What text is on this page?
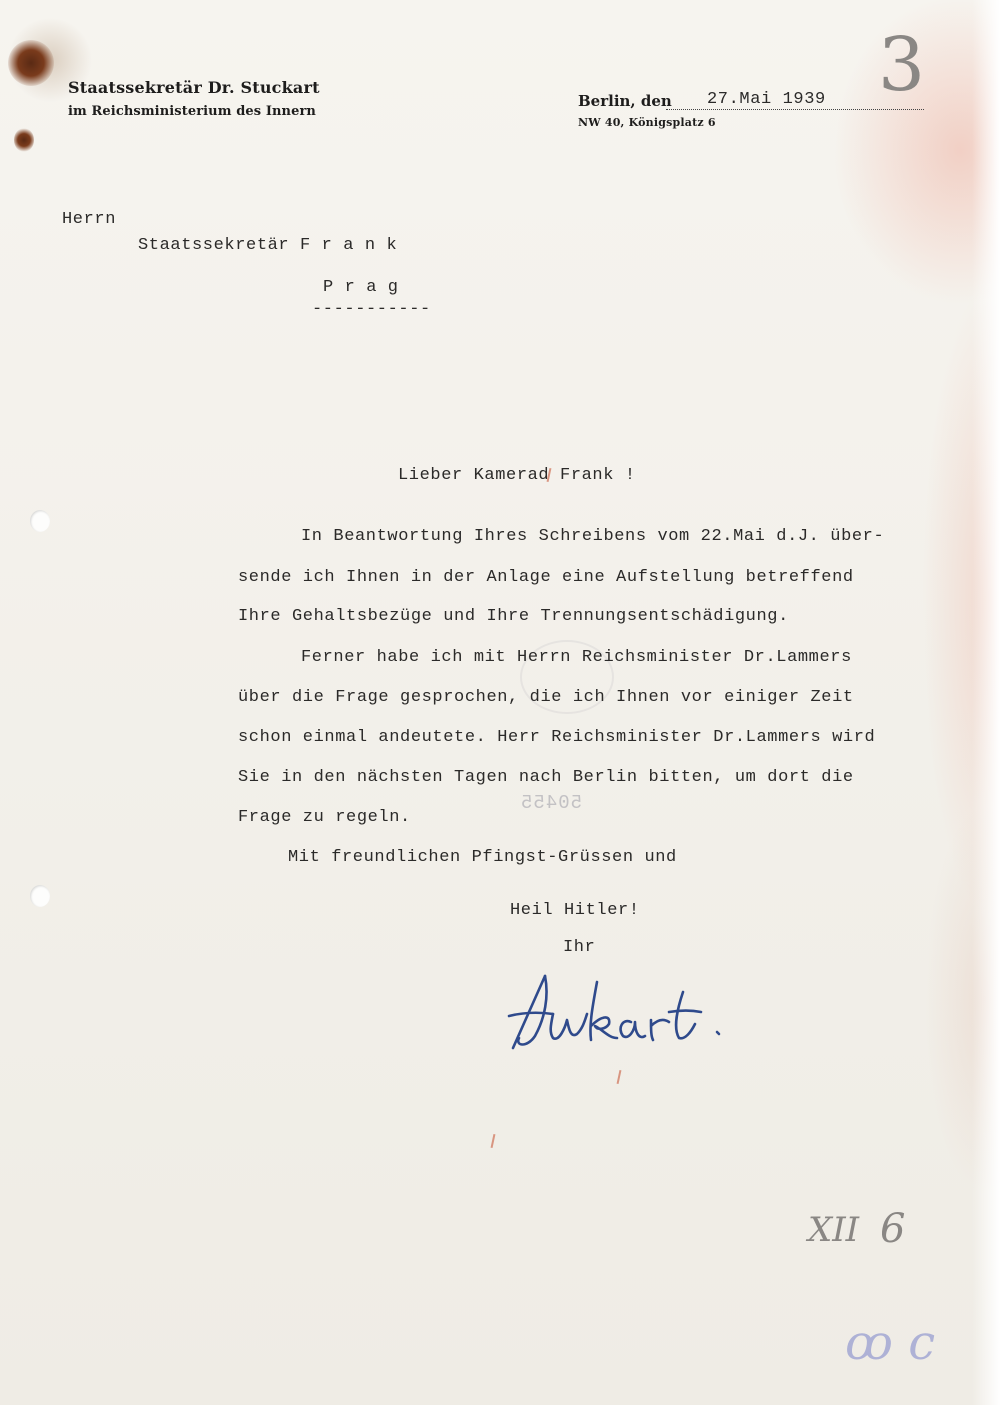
Staatssekretär Dr. Stuckart
im Reichsministerium des Innern
Berlin, den 27.Mai 1939
NW 40, Königsplatz 6
3
XII 6
ꝏ c
Herrn
Staatssekretär F r a n k
P r a g
-----------
50455
Lieber Kamerad Frank !
In Beantwortung Ihres Schreibens vom 22.Mai d.J. über-
sende ich Ihnen in der Anlage eine Aufstellung betreffend
Ihre Gehaltsbezüge und Ihre Trennungsentschädigung.
Ferner habe ich mit Herrn Reichsminister Dr.Lammers
über die Frage gesprochen, die ich Ihnen vor einiger Zeit
schon einmal andeutete. Herr Reichsminister Dr.Lammers wird
Sie in den nächsten Tagen nach Berlin bitten, um dort die
Frage zu regeln.
Mit freundlichen Pfingst-Grüssen und
Heil Hitler!
Ihr
